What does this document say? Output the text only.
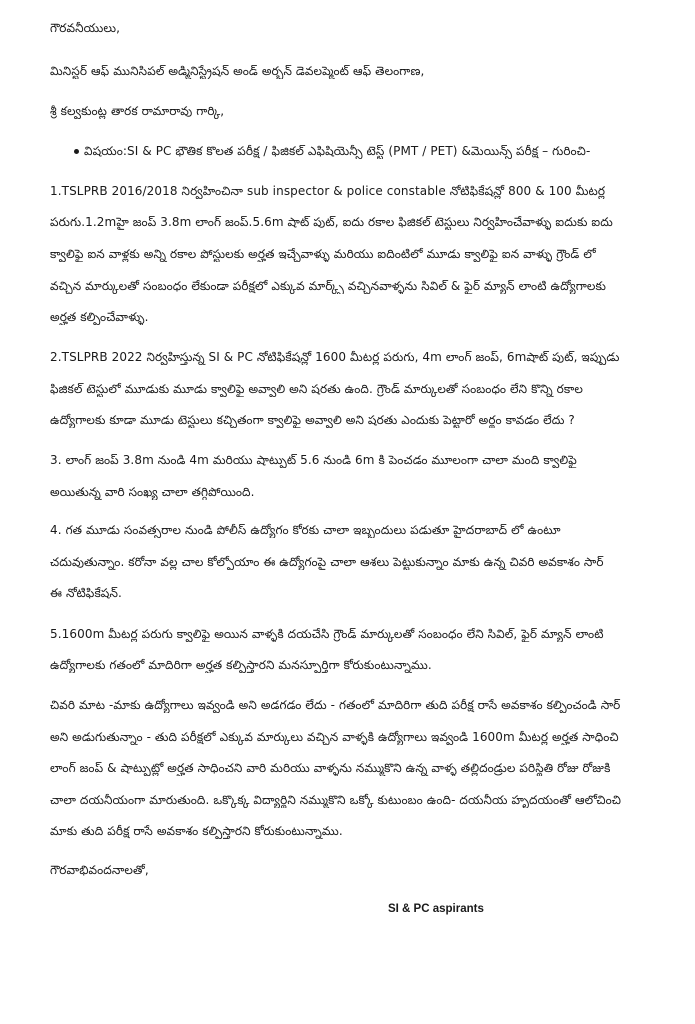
గౌరవనీయులు,
మినిస్టర్ ఆఫ్ మునిసిపల్ అడ్మినిస్ట్రేషన్ అండ్ అర్బన్ డెవలప్మెంట్ ఆఫ్ తెలంగాణ,
శ్రీ కల్వకుంట్ల తారక రామారావు గార్కి,
విషయం:SI & PC భౌతిక కొలత పరీక్ష / ఫిజికల్ ఎఫిషియెన్సీ టెస్ట్ (PMT / PET) &మెయిన్స్ పరీక్ష – గురించి-
1.TSLPRB 2016/2018 నిర్వహించినా sub inspector & police constable నోటిఫికేషన్లో 800 & 100 మీటర్ల
పరుగు.1.2mహై జంప్ 3.8m లాంగ్ జంప్.5.6m షాట్ పుట్, ఐదు రకాల ఫిజికల్ టెస్టులు నిర్వహించేవాళ్ళు ఐదుకు ఐదు
క్వాలిఫై ఐన వాళ్లకు అన్ని రకాల పోస్టులకు అర్హత ఇచ్చేవాళ్ళు మరియు ఐదింటిలో మూడు క్వాలిఫై ఐన వాళ్ళు గ్రౌండ్ లో
వచ్చిన మార్కులతో సంబంధం లేకుండా పరీక్షలో ఎక్కువ మార్క్స్ వచ్చినవాళ్ళను సివిల్ & ఫైర్ మ్యాన్ లాంటి ఉద్యోగాలకు
అర్హత కల్పించేవాళ్ళు.
2.TSLPRB 2022 నిర్వహిస్తున్న SI & PC నోటిఫికేషన్లో 1600 మీటర్ల పరుగు, 4m లాంగ్ జంప్, 6mషాట్ పుట్, ఇప్పుడు
ఫిజికల్ టెస్టులో మూడుకు మూడు క్వాలిఫై అవ్వాలి అని షరతు ఉంది. గ్రౌండ్ మార్కులతో సంబంధం లేని కొన్ని రకాల
ఉద్యోగాలకు కూడా మూడు టెస్టులు కచ్చితంగా క్వాలిఫై అవ్వాలి అని షరతు ఎందుకు పెట్టారో అర్థం కావడం లేదు ?
3. లాంగ్ జంప్ 3.8m నుండి 4m మరియు షాట్పుట్ 5.6 నుండి 6m కి పెంచడం మూలంగా చాలా మంది క్వాలిఫై
అయితున్న వారి సంఖ్య చాలా తగ్గిపోయింది.
4. గత మూడు సంవత్సరాల నుండి పోలీస్ ఉద్యోగం కోరకు చాలా ఇబ్బందులు పడుతూ హైదరాబాద్ లో ఉంటూ
చదువుతున్నాం. కరోనా వల్ల చాల కోల్పోయాం ఈ ఉద్యోగంపై చాలా ఆశలు పెట్టుకున్నాం మాకు ఉన్న చివరి అవకాశం సార్
ఈ నోటిఫికేషన్.
5.1600m మీటర్ల పరుగు క్వాలిఫై అయిన వాళ్ళకి దయచేసి గ్రౌండ్ మార్కులతో సంబంధం లేని సివిల్, ఫైర్ మ్యాన్ లాంటి
ఉద్యోగాలకు గతంలో మాదిరిగా అర్హత కల్పిస్తారని మనస్పూర్తిగా కోరుకుంటున్నాము.
చివరి మాట -మాకు ఉద్యోగాలు ఇవ్వండి అని అడగడం లేదు - గతంలో మాదిరిగా తుది పరీక్ష రాసే అవకాశం కల్పించండి సార్
అని అడుగుతున్నాం - తుది పరీక్షలో ఎక్కువ మార్కులు వచ్చిన వాళ్ళకి ఉద్యోగాలు ఇవ్వండి 1600m మీటర్ల అర్హత సాధించి
లాంగ్ జంప్ & షాట్పుట్లో అర్హత సాధించని వారి మరియు వాళ్ళను నమ్ముకొని ఉన్న వాళ్ళ తల్లిదండ్రుల పరిస్థితి రోజు రోజుకి
చాలా దయనీయంగా మారుతుంది. ఒక్కొక్క విద్యార్థిని నమ్ముకొని ఒక్కో కుటుంబం ఉంది- దయనీయ హృదయంతో ఆలోచించి
మాకు తుది పరీక్ష రాసే అవకాశం కల్పిస్తారని కోరుకుంటున్నాము.
గౌరవాభివందనాలతో,
SI & PC aspirants
